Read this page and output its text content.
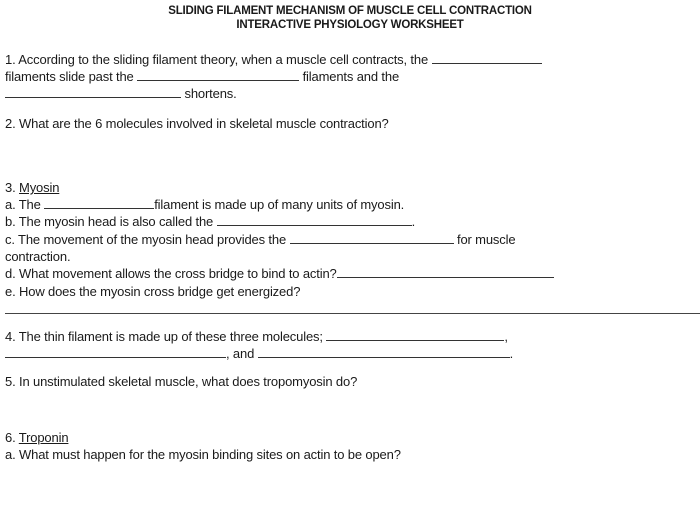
SLIDING FILAMENT MECHANISM OF MUSCLE CELL CONTRACTION
INTERACTIVE PHYSIOLOGY WORKSHEET
1. According to the sliding filament theory, when a muscle cell contracts, the
filaments slide past the	filaments and the
shortens.
2. What are the 6 molecules involved in skeletal muscle contraction?
3. Myosin
a. The	filament is made up of many units of myosin.
b. The myosin head is also called the	.
c. The movement of the myosin head provides the	for muscle
contraction.
d. What movement allows the cross bridge to bind to actin?
e. How does the myosin cross bridge get energized?
4. The thin filament is made up of these three molecules;	,
, and	.
5. In unstimulated skeletal muscle, what does tropomyosin do?
6. Troponin
a. What must happen for the myosin binding sites on actin to be open?
